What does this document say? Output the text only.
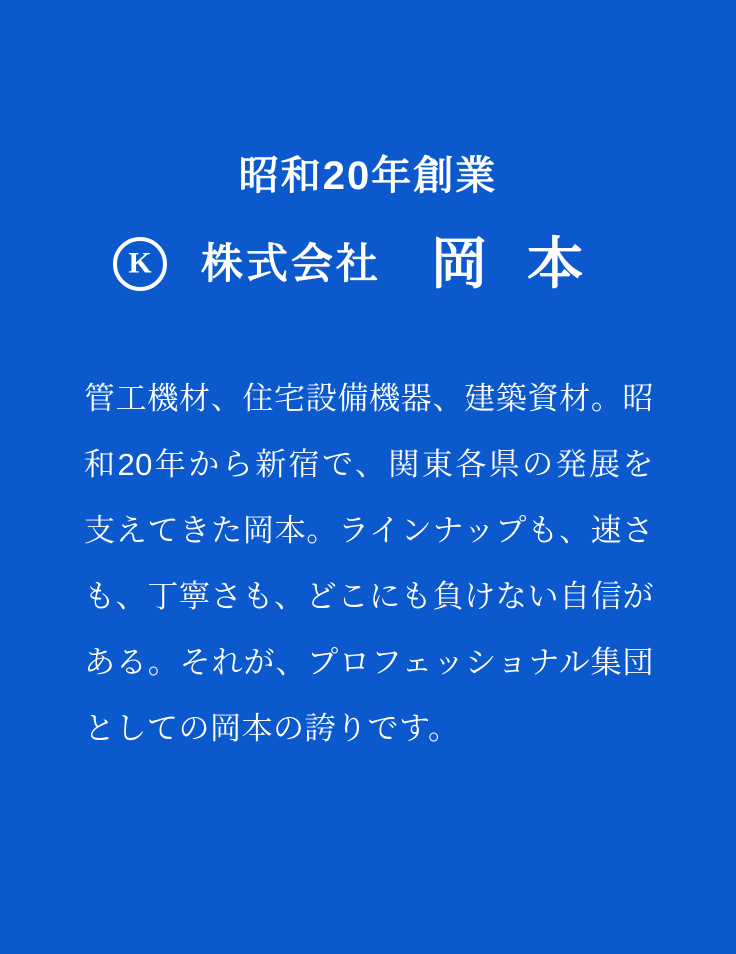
昭和20年創業
K 株式会社 岡本

管工機材、住宅設備機器、建築資材。昭和20年から新宿で、関東各県の発展を支えてきた岡本。ラインナップも、速さも、丁寧さも、どこにも負けない自信がある。それが、プロフェッショナル集団としての岡本の誇りです。
